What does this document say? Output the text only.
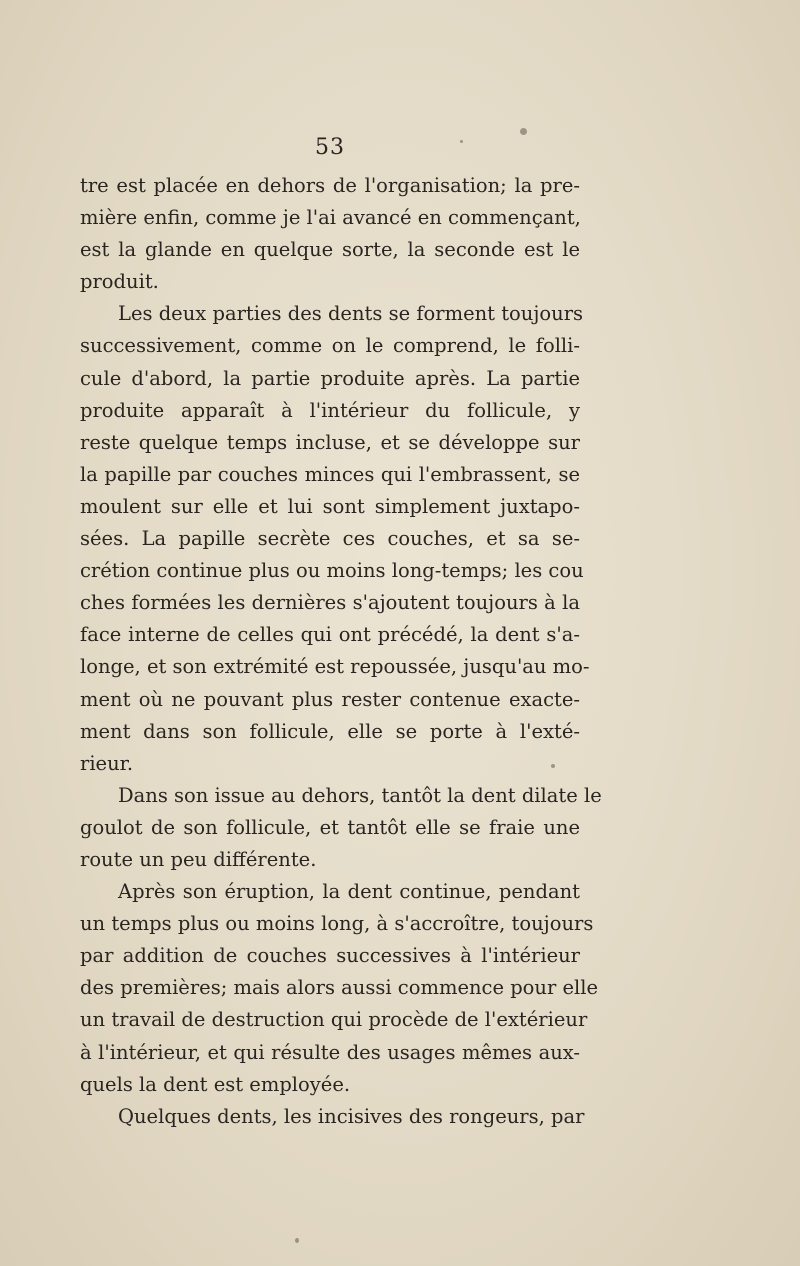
53
tre est placée en dehors de l'organisation; la pre-
mière enfin, comme je l'ai avancé en commençant,
est la glande en quelque sorte, la seconde est le
produit.
Les deux parties des dents se forment toujours
successivement, comme on le comprend, le folli-
cule d'abord, la partie produite après. La partie
produite apparaît à l'intérieur du follicule, y
reste quelque temps incluse, et se développe sur
la papille par couches minces qui l'embrassent, se
moulent sur elle et lui sont simplement juxtapo-
sées. La papille secrète ces couches, et sa se-
crétion continue plus ou moins long-temps; les cou
ches formées les dernières s'ajoutent toujours à la
face interne de celles qui ont précédé, la dent s'a-
longe, et son extrémité est repoussée, jusqu'au mo-
ment où ne pouvant plus rester contenue exacte-
ment dans son follicule, elle se porte à l'exté-
rieur.
Dans son issue au dehors, tantôt la dent dilate le
goulot de son follicule, et tantôt elle se fraie une
route un peu différente.
Après son éruption, la dent continue, pendant
un temps plus ou moins long, à s'accroître, toujours
par addition de couches successives à l'intérieur
des premières; mais alors aussi commence pour elle
un travail de destruction qui procède de l'extérieur
à l'intérieur, et qui résulte des usages mêmes aux-
quels la dent est employée.
Quelques dents, les incisives des rongeurs, par
